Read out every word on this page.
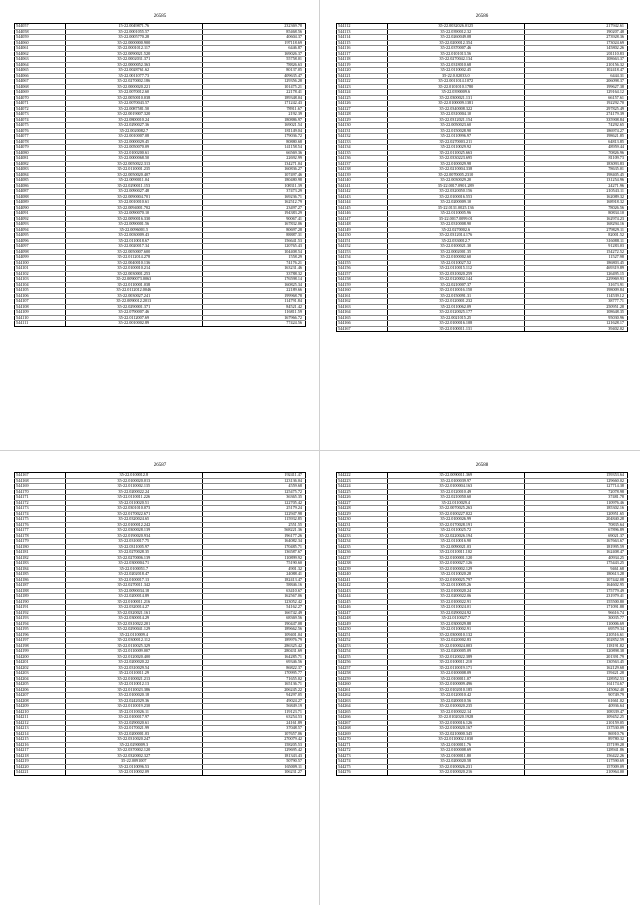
26585
544057	15-22.0049871.76	232369.78
544058	35-22.0001055.57	85468.56
544059	35-22.0005770.28	40604.37
544060	35-22.0000000.900	197118.69
544061	35-22.0001012.117	6446.87
544062	35-22.0090021.520	169026.37
544063	35-22.0002031.371	55758.01
544064	35-22.0000052.363	78826.63
544065	35-22.0028761.62	80137.05
544066	35-22.0011077.73	409635.47
544067	35-22.0270002.186	129356.28
544068	35-22.0000020.221	101475.21
544069	35-22.0070012.60	22178.41
544070	35-22.0050010.038	189348.04
544071	35-22.0070043.57	171242.43
544072	35-22.0087581.50	78911.67
544073	35-22.0019007.320	2192.39
544074	35-22.0800010.24	180886.97
544075	35-22.0290027.36	169021.54
544076	35-22.0020082.7	181149.04
544077	35-22.0010007.08	179036.72
544078	35-22.0000029.45	80880.68
544079	35-22.0050070.09	141158.54
544080	35-22.0100200.61	66569.36
544081	35-22.0000068.50	22692.99
544082	35-22.0050022.313	134271.04
544083	35-22.0110001.235	160836.27
544084	35-22.0050020.407	107497.46
544085	35-22.0090011.04	180480.98
544086	35-22.0290011.153	108311.39
544087	35-22.0090027.48	37473.29
544088	35-22.0090004.701	169236.71
544089	35-22.0010010.61	162512.79
544090	35-22.0094001.702	23497.27
544091	35-22.0090070.10	194383.29
544092	35-22.0090016.330	90067.41
544093	35-22.0090001.56	167832.06
544094	35-22.0096001.5	80697.28
544095	35-22.0030009.43	88887.31
544096	35-22.0110018.67	156641.53
544097	35-22.0020017.34	120765.43
544098	35-22.0050007.600	104408.54
544099	35-22.0112014.278	1558.29
544100	35-22.0040010.136	74176.21
544101	35-22.0100010.214	163231.46
544102	35-22.0030001.253	33788.32
544103	35-22.0090073.0063	176598.14
544104	35-22.0110001.038	160825.34
544105	35-22.0112012.0046	22189.66
544106	35-22.0030027.241	199968.78
544107	35-22.0090012.2013	114791.84
544108	35-22.0290001.371	84521.42
544109	35-22.0790007.46	116811.59
544110	35-22.0112007.69	167966.72
544111	35-22.0010002.89	77424.56
26586
544112	35-22.0032026.0125	217942.61
544113	35-22.0390012.32	190207.48
544114	35-22.0260049.08	273928.36
544115	35-22.0200012.354	173024.69
544116	35-22.0370007.46	145802.26
544117	35-22.0101013.56	201110.83
544118	35-22.0270042.134	108663.37
544119	35-22.0318010.68	210156.32
544120	35-22.0110002.45	102418.47
544121	35-22.0.02033.0	6444.31
544122	35-22.0011014.1072	206098.37
544123	35-22.0101010.1780	199627.38
544124	35-22.0390009.6	129164.12
544125	35-22.0300021.131	66157.61
544126	35-22.0100009.1381	192292.70
544127	35-22.0340008.322	297825.49
544128	35-22.0310004.10	274179.39
544129	35-22.0312021.154	335908.84
544130	35-22.0050023.60	74292.65
544131	35-22.0150028.90	186974.27
544132	35-22.0110996.97	198621.85
544133	35-22.0270003.211	64813.85
544134	35-22.0110029.92	48959.44
544135	35-22.0110025.663	70826.96
544136	35-22.0330223.695	81109.73
544137	35-22.0100029.98	183093.83
544138	35-22.0210004.338	78635.01
544139	35-22.0070005.2310	198405.45
544140	35-22.0030029.20	131254.96
544141	35-22.0017.0901.289	24271.96
544142	35-22.0320050.156	210543.11
544143	35-22.0100016.553	162089.32
544144	35-22.0200009.10	168918.32
544145	35-22.0131.0025.136	78026.56
544146	35-22.0110005.96	80834.10
544147	35-22.0017.0099.01	162974.23
544148	35-22.0310008.90	168294.16
544149	35-22.0270002.6	279829.11
544150	35-22.0312014.176	82001.52
544151	35-22.0330012.7	316088.11
544152	35-22.0100021.30	91283.03
544153	35-22.0002001.35	154272.52
544154	35-22.0100002.60	11527.98
544155	35-22.0110027.52	186803.45
544156	35-22.0110015.112	469319.89
544157	35-22.0310020.259	126495.15
544158	35-22.0120002.144	229969.93
544159	35-22.0210007.37	31673.91
544160	35-22.0110016.150	198009.84
544161	35-22.0150091.31	114539.12
544162	35-22.0120001.232	38777.71
544163	35-22.0110062.09	250951.28
544164	35-22.0120025.177	108648.35
544165	35-22.0021015.25	95030.96
544166	35-22.0100016.108	121628.17
544167	35-22.0100011.131	39402.02
26587
544167	35-22.0100012.8	192411.47
544168	35-22.0100020.013	123136.04
544169	35-22.0110002.135	4559.68
544170	35-22.0200022.24	125475.72
544171	35-22.0110011.226	36365.35
544172	35-22.0110020.51	122705.42
544173	35-22.0301010.073	25179.24
544174	35-22.0170022.671	122947.98
544175	35-22.0320024.65	115932.85
544176	35-22.0100012.242	2551.55
544177	35-22.0300028.139	568221.36
544178	35-22.0190020.934	196177.26
544179	35-22.0310017.75	164082.34
544180	35-22.0311005.97	170485.71
544181	35-22.0270028.35	136587.67
544182	35-22.0270006.139	110899.92
544183	35-22.0300004.71	75190.60
544184	35-22.0100051.7	4901.32
544185	35-22.0202018.47	24088.41
544186	35-22.0100017.13	182413.47
544187	35-22.0270011.342	58846.16
544188	35-22.0090034.18	63410.67
544189	35-22.0200014.89	162567.06
544190	35-22.0100011.216	123052.42
544191	35-22.0320014.27	54162.27
544192	35-22.0320021.161	166742.49
544193	35-22.0300014.29	68369.56
544194	35-22.0310022.201	190447.08
544195	35-22.0290041.129	189662.56
544196	35-22.0110009.4	109401.04
544197	35-22.0300012.112	189976.79
544198	35-22.0110025.329	286325.42
544199	35-22.0110009.007	280431.69
544200	35-22.0120020.400	164285.71
544201	35-22.0200020.22	69346.56
544202	35-22.0310029.54	86822.37
544203	35-22.0110011.29	170995.77
544204	35-22.0100021.213	71655.02
544205	35-22.0110012.13	165136.71
544206	35-22.0110023.386	206245.22
544207	35-22.0100020.18	94297.05
544208	35-22.0242029.36	49024.27
544209	35-22.0110019.230	56849.19
544210	35-22.0110026.11	119123.71
544211	35-22.0100017.97	63254.53
544212	35-22.0290020.61	24161.89
544213	35-22.0170021.99	37048.57
544214	35-22.0200001.03	107657.06
544215	35-22.0310020.247	270079.42
544216	35-22.0290009.3	158205.53
544217	35-22.0370002.120	129695.42
544218	35-22.0320002.327	181343.43
544219	35-22.0091007	50790.57
544220	35-22.0110096.53	165009.11
544221	35-22.0110002.09	106231.27
26588
544222	35-22.0090011.369	159353.64
544223	35-22.0100039.97	129660.02
544224	35-22.0100004.163	127714.38
544225	35-22.0120010.49	72078.98
544226	35-22.0210050.60	37481.78
544227	35-22.0110029.4	110976.46
544228	35-22.0070025.263	185302.16
544229	35-22.0100227.022	120951.65
544230	35-22.0100026.99	204840.28
544231	35-22.0170028.191	70835.64
544232	35-22.0110025.72	67896.89
544233	35-22.0220026.194	69021.37
544234	35-22.0110016.90	167663.67
544235	35-22.0090021.03	181995.59
544236	35-22.0110011.102	162408.47
544237	35-22.0100001.120	40934.25
544238	35-22.0100027.126	175443.25
544239	35-22.0100002.129	9461.68
544240	35-22.0110020.28	180613.28
544241	35-22.0100025.797	107442.08
544242	35-22.0110005.26	164602.95
544243	35-22.0100020.24	175779.49
544244	35-22.0200022.06	231979.41
544245	35-22.0100022.91	155500.80
544246	35-22.0110024.01	171091.88
544247	35-22.0290024.92	96616.74
544248	35-22.0110027.7	30035.77
544249	35-22.0300029.88	110006.69
544250	35-22.0110002.91	69579.34
544251	35-22.0300010.132	210516.61
544252	35-22.0220002.83	102852.59
544253	35-22.0100024.003	118191.82
544254	35-22.0200005.09	120898.38
544255	35-22.0120022.389	201391.79
544256	35-22.0100011.210	130563.45
544257	35-22.0110019.171	162129.68
544258	35-22.0100008.09	159421.28
544259	35-22.0100011.07	128952.53
544260	35-22.0100009.496	161174.67
544261	35-22.0102010.185	145062.40
544262	35-22.0120010.42	90749.79
544263	35-22.0200010.56	61661.02
544264	35-22.0100020.235	40936.64
544265	35-22.0100022.14	108339.47
544266	35-22.0102020.1928	109452.25
544267	35-22.0100016.126	210159.05
544268	35-22.0100020.167	137530.09
544269	35-22.0210000.345	86910.76
544270	35-22.0110002.1030	89780.32
544271	35-22.0100011.76	157199.28
544272	35-22.0100008.69	128941.86
544273	35-22.0100011.80	156422.26
544274	35-22.0200020.58	117590.69
544275	35-22.0100026.231	157009.09
544276	35-22.0100020.216	210964.00
